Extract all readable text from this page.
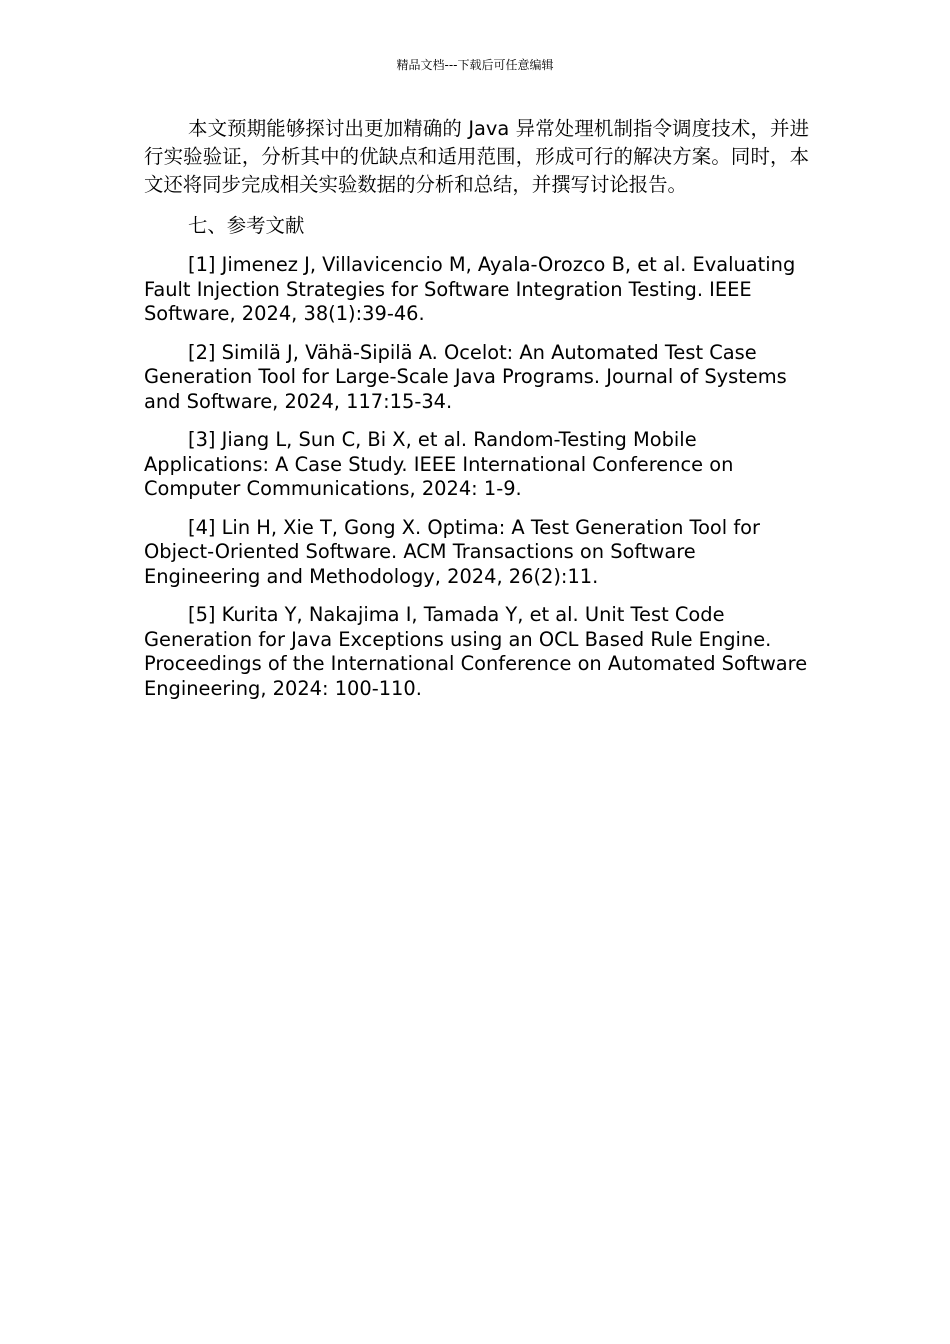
精品文档---下载后可任意编辑

本文预期能够探讨出更加精确的 Java 异常处理机制指令调度技术，并进行实验验证，分析其中的优缺点和适用范围，形成可行的解决方案。同时，本文还将同步完成相关实验数据的分析和总结，并撰写讨论报告。

七、参考文献

[1] Jimenez J, Villavicencio M, Ayala-Orozco B, et al. Evaluating Fault Injection Strategies for Software Integration Testing. IEEE Software, 2024, 38(1):39-46.

[2] Similä J, Vähä-Sipilä A. Ocelot: An Automated Test Case Generation Tool for Large-Scale Java Programs. Journal of Systems and Software, 2024, 117:15-34.

[3] Jiang L, Sun C, Bi X, et al. Random-Testing Mobile Applications: A Case Study. IEEE International Conference on Computer Communications, 2024: 1-9.

[4] Lin H, Xie T, Gong X. Optima: A Test Generation Tool for Object-Oriented Software. ACM Transactions on Software Engineering and Methodology, 2024, 26(2):11.

[5] Kurita Y, Nakajima I, Tamada Y, et al. Unit Test Code Generation for Java Exceptions using an OCL Based Rule Engine. Proceedings of the International Conference on Automated Software Engineering, 2024: 100-110.
